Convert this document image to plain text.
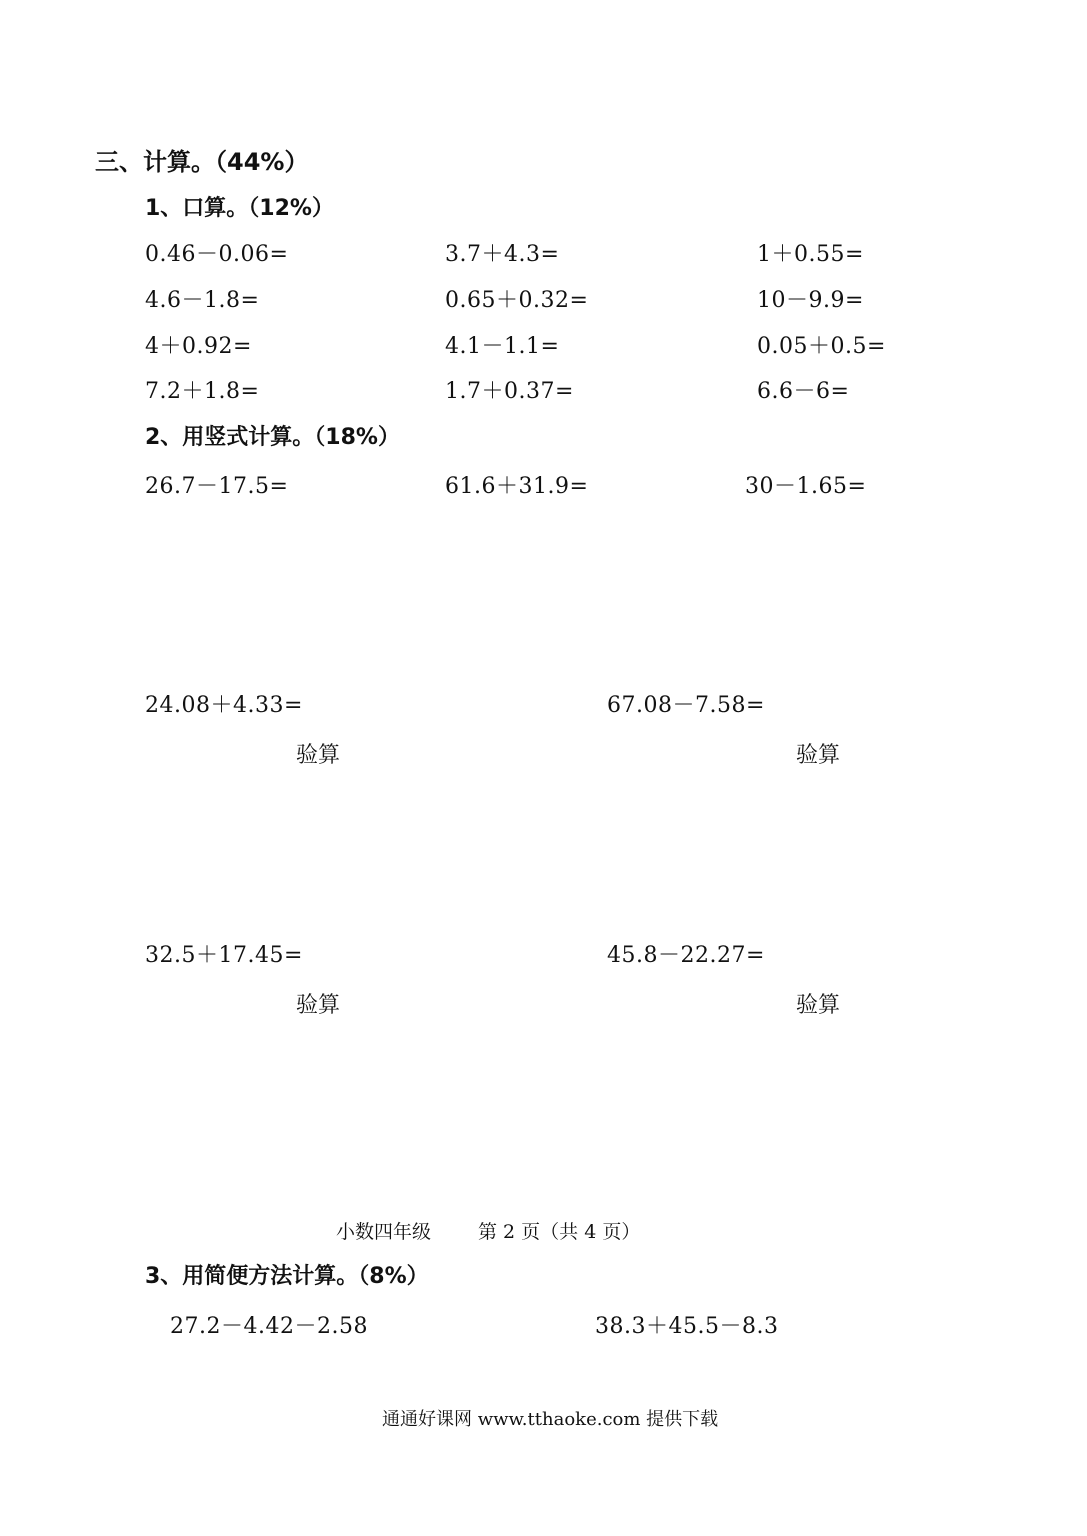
三、计算。（44%）
1、口算。（12%）
0.46－0.06=	3.7＋4.3=	1＋0.55=
4.6－1.8=	0.65＋0.32=	10－9.9=
4＋0.92=	4.1－1.1=	0.05＋0.5=
7.2＋1.8=	1.7＋0.37=	6.6－6=
2、用竖式计算。（18%）
26.7－17.5=	61.6＋31.9=	30－1.65=
24.08＋4.33=	67.08－7.58=
验算	验算
32.5＋17.45=	45.8－22.27=
验算	验算
小数四年级 第 2 页（共 4 页）
3、用简便方法计算。（8%）
27.2－4.42－2.58	38.3＋45.5－8.3
通通好课网 www.tthaoke.com 提供下载
